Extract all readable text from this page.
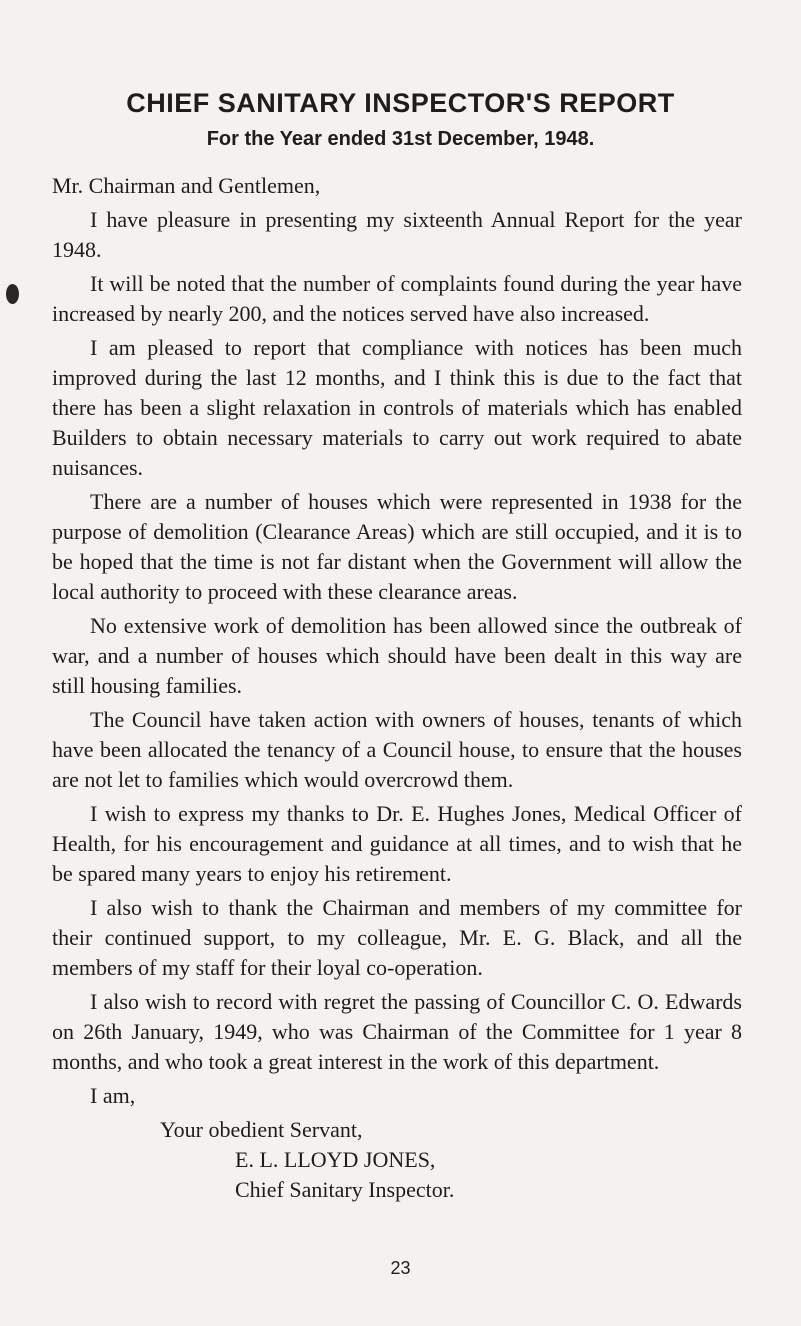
CHIEF SANITARY INSPECTOR'S REPORT
For the Year ended 31st December, 1948.

Mr. Chairman and Gentlemen,

I have pleasure in presenting my sixteenth Annual Report for the year 1948.

It will be noted that the number of complaints found during the year have increased by nearly 200, and the notices served have also increased.

I am pleased to report that compliance with notices has been much improved during the last 12 months, and I think this is due to the fact that there has been a slight relaxation in controls of materials which has enabled Builders to obtain necessary materials to carry out work required to abate nuisances.

There are a number of houses which were represented in 1938 for the purpose of demolition (Clearance Areas) which are still occupied, and it is to be hoped that the time is not far distant when the Government will allow the local authority to proceed with these clearance areas.

No extensive work of demolition has been allowed since the outbreak of war, and a number of houses which should have been dealt in this way are still housing families.

The Council have taken action with owners of houses, tenants of which have been allocated the tenancy of a Council house, to ensure that the houses are not let to families which would overcrowd them.

I wish to express my thanks to Dr. E. Hughes Jones, Medical Officer of Health, for his encouragement and guidance at all times, and to wish that he be spared many years to enjoy his retirement.

I also wish to thank the Chairman and members of my committee for their continued support, to my colleague, Mr. E. G. Black, and all the members of my staff for their loyal co-operation.

I also wish to record with regret the passing of Councillor C. O. Edwards on 26th January, 1949, who was Chairman of the Committee for 1 year 8 months, and who took a great interest in the work of this department.

I am,

Your obedient Servant,

E. L. LLOYD JONES,

Chief Sanitary Inspector.

23
